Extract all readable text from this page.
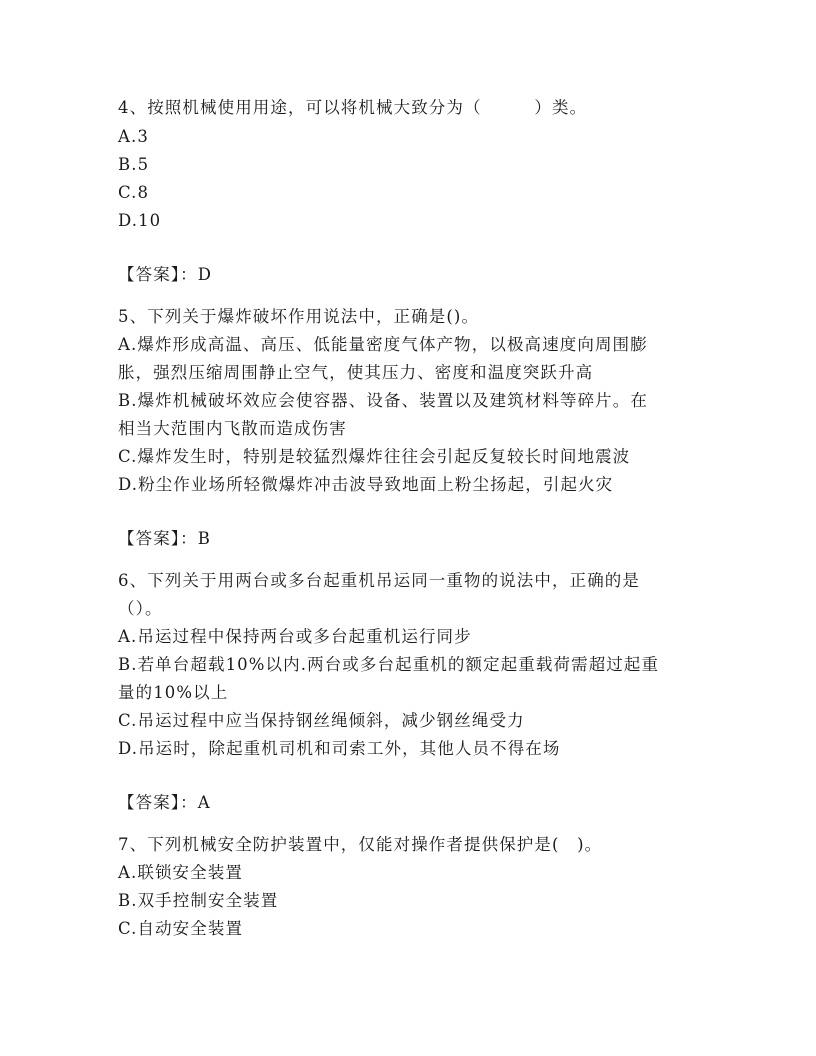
4、按照机械使用用途，可以将机械大致分为（　　　）类。
A.3
B.5
C.8
D.10
【答案】：D
5、下列关于爆炸破坏作用说法中，正确是()。
A.爆炸形成高温、高压、低能量密度气体产物，以极高速度向周围膨
胀，强烈压缩周围静止空气，使其压力、密度和温度突跃升高
B.爆炸机械破坏效应会使容器、设备、装置以及建筑材料等碎片。在
相当大范围内飞散而造成伤害
C.爆炸发生时，特别是较猛烈爆炸往往会引起反复较长时间地震波
D.粉尘作业场所轻微爆炸冲击波导致地面上粉尘扬起，引起火灾
【答案】：B
6、下列关于用两台或多台起重机吊运同一重物的说法中，正确的是
（）。
A.吊运过程中保持两台或多台起重机运行同步
B.若单台超载10%以内.两台或多台起重机的额定起重载荷需超过起重
量的10%以上
C.吊运过程中应当保持钢丝绳倾斜，减少钢丝绳受力
D.吊运时，除起重机司机和司索工外，其他人员不得在场
【答案】：A
7、下列机械安全防护装置中，仅能对操作者提供保护是(　)。
A.联锁安全装置
B.双手控制安全装置
C.自动安全装置
